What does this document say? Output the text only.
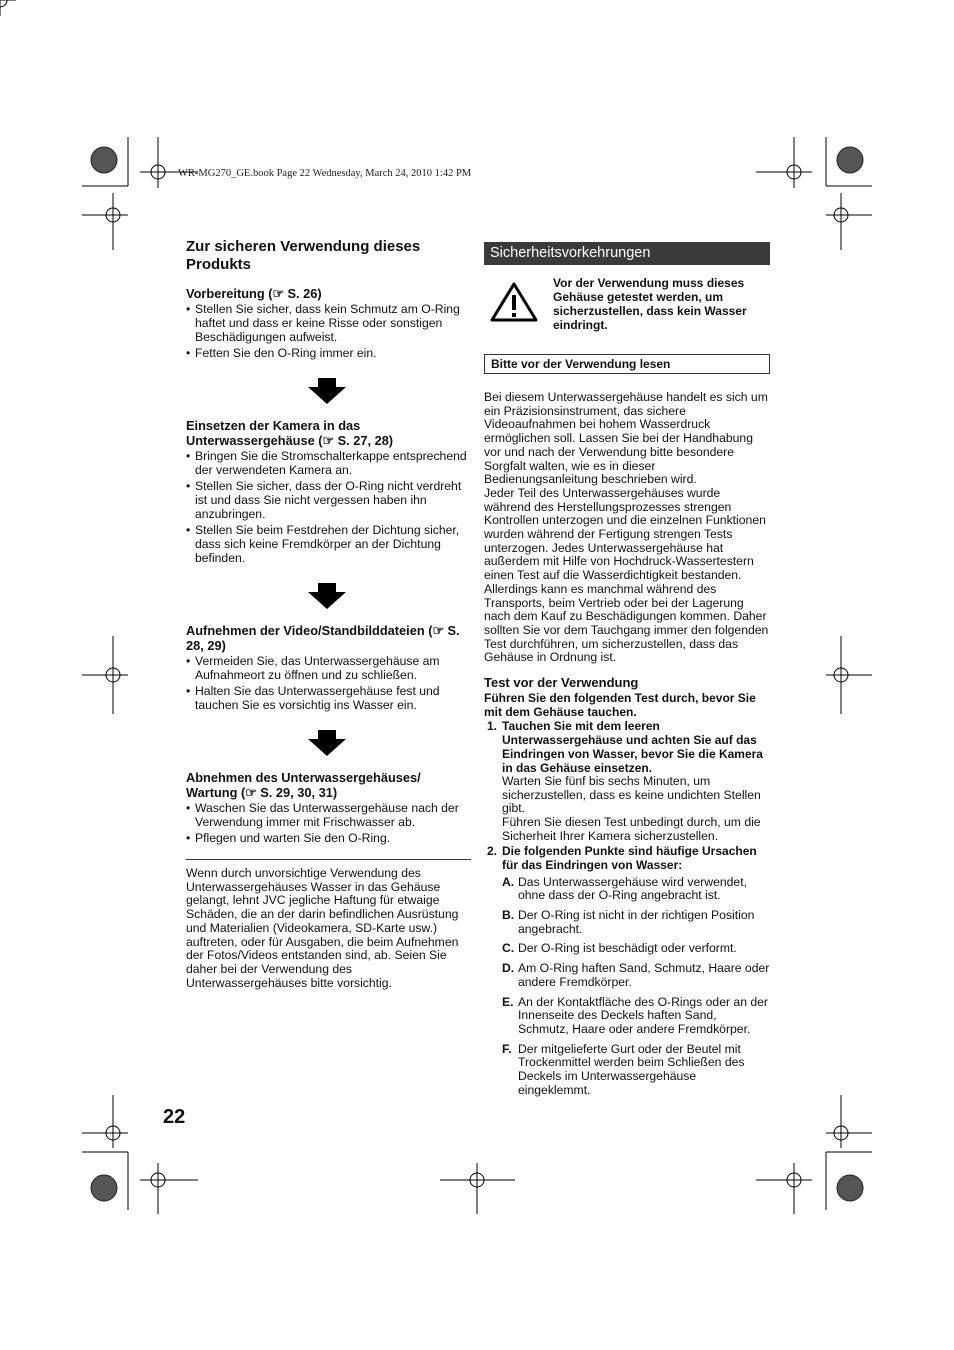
WR-MG270_GE.book Page 22 Wednesday, March 24, 2010 1:42 PM
Zur sicheren Verwendung dieses Produkts
Vorbereitung (☞ S. 26)
• Stellen Sie sicher, dass kein Schmutz am O-Ring haftet und dass er keine Risse oder sonstigen Beschädigungen aufweist.
• Fetten Sie den O-Ring immer ein.
Einsetzen der Kamera in das Unterwassergehäuse (☞ S. 27, 28)
• Bringen Sie die Stromschalterkappe entsprechend der verwendeten Kamera an.
• Stellen Sie sicher, dass der O-Ring nicht verdreht ist und dass Sie nicht vergessen haben ihn anzubringen.
• Stellen Sie beim Festdrehen der Dichtung sicher, dass sich keine Fremdkörper an der Dichtung befinden.
Aufnehmen der Video/Standbilddateien (☞ S. 28, 29)
• Vermeiden Sie, das Unterwassergehäuse am Aufnahmeort zu öffnen und zu schließen.
• Halten Sie das Unterwassergehäuse fest und tauchen Sie es vorsichtig ins Wasser ein.
Abnehmen des Unterwassergehäuses/ Wartung (☞ S. 29, 30, 31)
• Waschen Sie das Unterwassergehäuse nach der Verwendung immer mit Frischwasser ab.
• Pflegen und warten Sie den O-Ring.

Wenn durch unvorsichtige Verwendung des Unterwassergehäuses Wasser in das Gehäuse gelangt, lehnt JVC jegliche Haftung für etwaige Schäden, die an der darin befindlichen Ausrüstung und Materialien (Videokamera, SD-Karte usw.) auftreten, oder für Ausgaben, die beim Aufnehmen der Fotos/Videos entstanden sind, ab. Seien Sie daher bei der Verwendung des Unterwassergehäuses bitte vorsichtig.

Sicherheitsvorkehrungen
Vor der Verwendung muss dieses Gehäuse getestet werden, um sicherzustellen, dass kein Wasser eindringt.
Bitte vor der Verwendung lesen

Bei diesem Unterwassergehäuse handelt es sich um ein Präzisionsinstrument, das sichere Videoaufnahmen bei hohem Wasserdruck ermöglichen soll. Lassen Sie bei der Handhabung vor und nach der Verwendung bitte besondere Sorgfalt walten, wie es in dieser Bedienungsanleitung beschrieben wird.

Jeder Teil des Unterwassergehäuses wurde während des Herstellungsprozesses strengen Kontrollen unterzogen und die einzelnen Funktionen wurden während der Fertigung strengen Tests unterzogen. Jedes Unterwassergehäuse hat außerdem mit Hilfe von Hochdruck-Wassertestern einen Test auf die Wasserdichtigkeit bestanden. Allerdings kann es manchmal während des Transports, beim Vertrieb oder bei der Lagerung nach dem Kauf zu Beschädigungen kommen. Daher sollten Sie vor dem Tauchgang immer den folgenden Test durchführen, um sicherzustellen, dass das Gehäuse in Ordnung ist.

Test vor der Verwendung
Führen Sie den folgenden Test durch, bevor Sie mit dem Gehäuse tauchen.
1. Tauchen Sie mit dem leeren Unterwassergehäuse und achten Sie auf das Eindringen von Wasser, bevor Sie die Kamera in das Gehäuse einsetzen.
Warten Sie fünf bis sechs Minuten, um sicherzustellen, dass es keine undichten Stellen gibt.
Führen Sie diesen Test unbedingt durch, um die Sicherheit Ihrer Kamera sicherzustellen.
2. Die folgenden Punkte sind häufige Ursachen für das Eindringen von Wasser:
A. Das Unterwassergehäuse wird verwendet, ohne dass der O-Ring angebracht ist.
B. Der O-Ring ist nicht in der richtigen Position angebracht.
C. Der O-Ring ist beschädigt oder verformt.
D. Am O-Ring haften Sand, Schmutz, Haare oder andere Fremdkörper.
E. An der Kontaktfläche des O-Rings oder an der Innenseite des Deckels haften Sand, Schmutz, Haare oder andere Fremdkörper.
F. Der mitgelieferte Gurt oder der Beutel mit Trockenmittel werden beim Schließen des Deckels im Unterwassergehäuse eingeklemmt.
22
